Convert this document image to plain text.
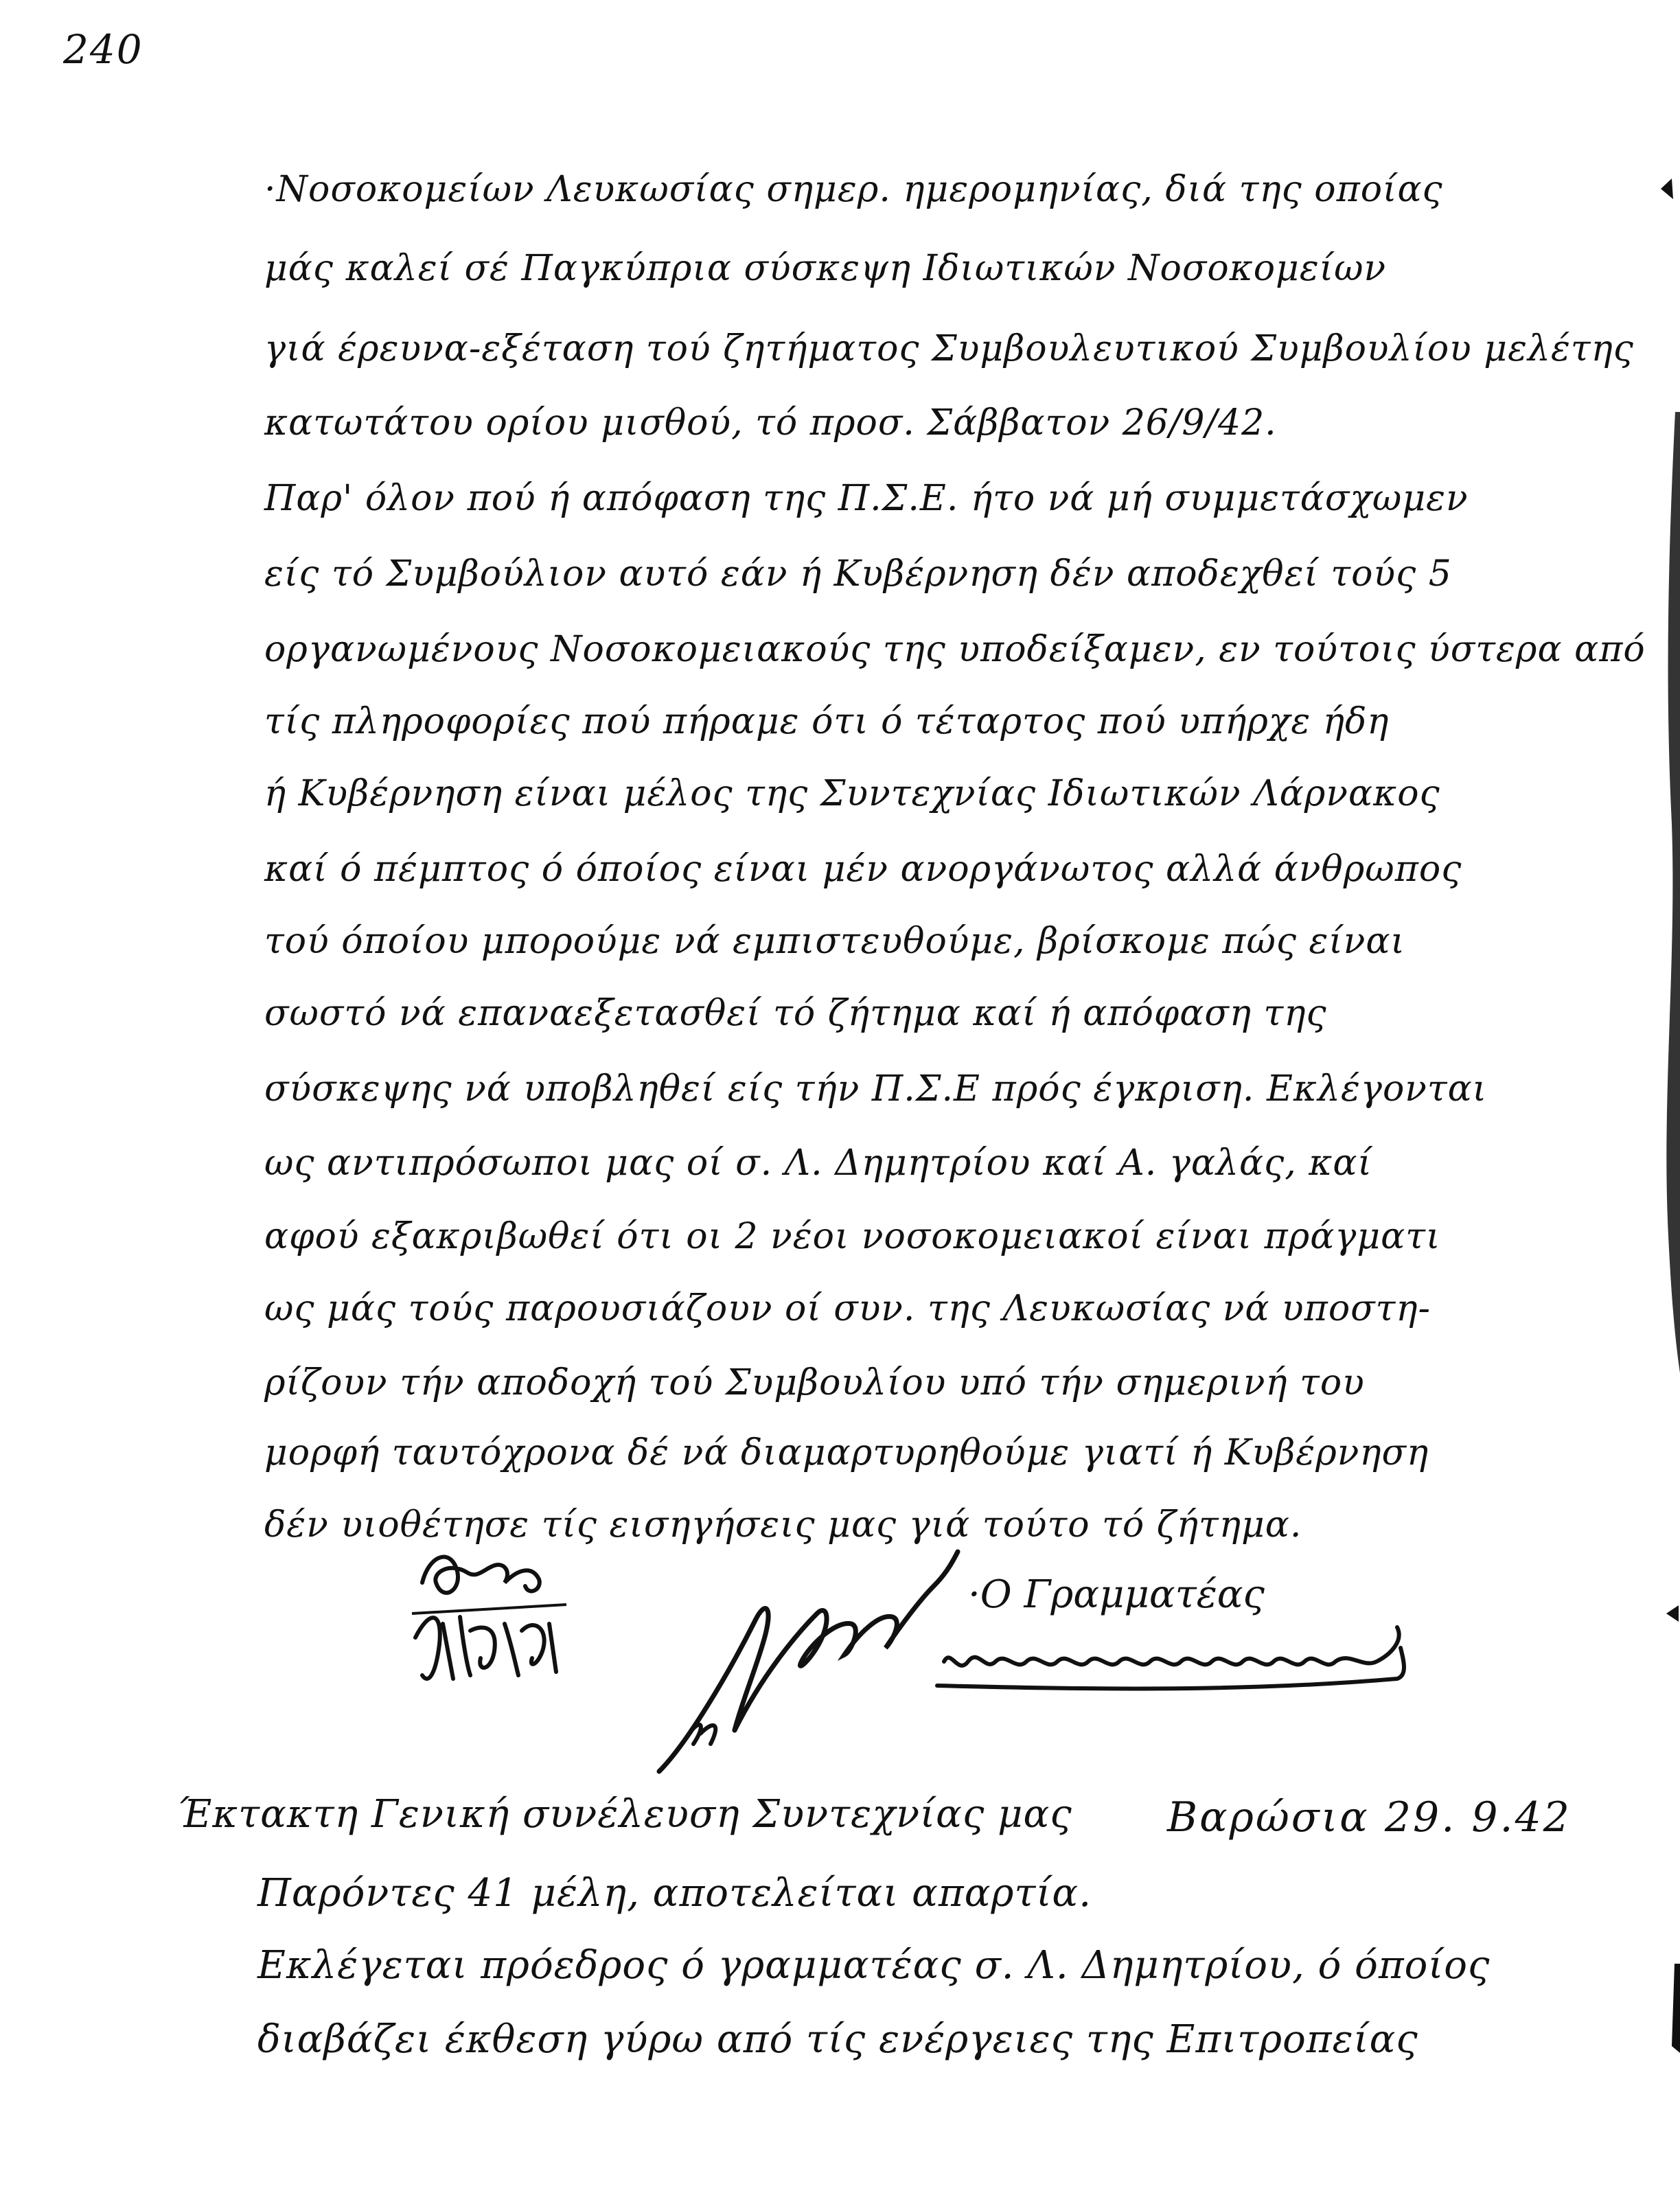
240
·Νοσοκομείων Λευκωσίας σημερ. ημερομηνίας, διά της οποίας
μάς καλεί σέ Παγκύπρια σύσκεψη Ιδιωτικών Νοσοκομείων
γιά έρευνα-εξέταση τού ζητήματος Συμβουλευτικού Συμβουλίου μελέτης
κατωτάτου ορίου μισθού, τό προσ. Σάββατον 26/9/42.
Παρ' όλον πού ή απόφαση της Π.Σ.Ε. ήτο νά μή συμμετάσχωμεν
είς τό Συμβούλιον αυτό εάν ή Κυβέρνηση δέν αποδεχθεί τούς 5
οργανωμένους Νοσοκομειακούς της υποδείξαμεν, εν τούτοις ύστερα από
τίς πληροφορίες πού πήραμε ότι ό τέταρτος πού υπήρχε ήδη
ή Κυβέρνηση είναι μέλος της Συντεχνίας Ιδιωτικών Λάρνακος
καί ό πέμπτος ό όποίος είναι μέν ανοργάνωτος αλλά άνθρωπος
τού όποίου μπορούμε νά εμπιστευθούμε, βρίσκομε πώς είναι
σωστό νά επαναεξετασθεί τό ζήτημα καί ή απόφαση της
σύσκεψης νά υποβληθεί είς τήν Π.Σ.Ε πρός έγκριση. Εκλέγονται
ως αντιπρόσωποι μας οί σ. Λ. Δημητρίου καί Α. γαλάς, καί
αφού εξακριβωθεί ότι οι 2 νέοι νοσοκομειακοί είναι πράγματι
ως μάς τούς παρουσιάζουν οί συν. της Λευκωσίας νά υποστη-
ρίζουν τήν αποδοχή τού Συμβουλίου υπό τήν σημερινή του
μορφή ταυτόχρονα δέ νά διαμαρτυρηθούμε γιατί ή Κυβέρνηση
δέν υιοθέτησε τίς εισηγήσεις μας γιά τούτο τό ζήτημα.
·Ο Γραμματέας
Έκτακτη Γενική συνέλευση Συντεχνίας μας Βαρώσια 29. 9.42
Παρόντες 41 μέλη, αποτελείται απαρτία.
Εκλέγεται πρόεδρος ό γραμματέας σ. Λ. Δημητρίου, ό όποίος
διαβάζει έκθεση γύρω από τίς ενέργειες της Επιτροπείας
